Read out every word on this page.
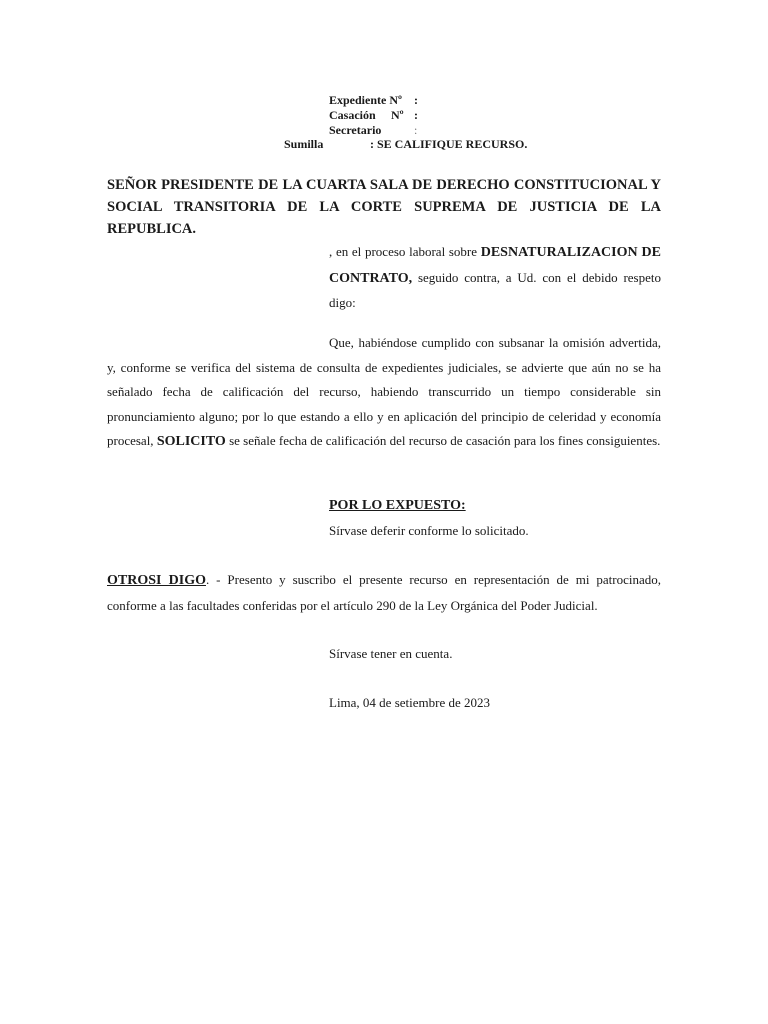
Expediente Nº :
Casación Nº :
Secretario	:
Sumilla	: SE CALIFIQUE RECURSO.
SEÑOR PRESIDENTE DE LA CUARTA SALA DE DERECHO CONSTITUCIONAL Y SOCIAL TRANSITORIA DE LA CORTE SUPREMA DE JUSTICIA DE LA REPUBLICA.
, en el proceso laboral sobre DESNATURALIZACION DE CONTRATO, seguido contra, a Ud. con el debido respeto digo:
Que, habiéndose cumplido con subsanar la omisión advertida, y, conforme se verifica del sistema de consulta de expedientes judiciales, se advierte que aún no se ha señalado fecha de calificación del recurso, habiendo transcurrido un tiempo considerable sin pronunciamiento alguno; por lo que estando a ello y en aplicación del principio de celeridad y economía procesal, SOLICITO se señale fecha de calificación del recurso de casación para los fines consiguientes.
POR LO EXPUESTO:
Sírvase deferir conforme lo solicitado.
OTROSI DIGO. - Presento y suscribo el presente recurso en representación de mi patrocinado, conforme a las facultades conferidas por el artículo 290 de la Ley Orgánica del Poder Judicial.
Sírvase tener en cuenta.
Lima, 04 de setiembre de 2023
